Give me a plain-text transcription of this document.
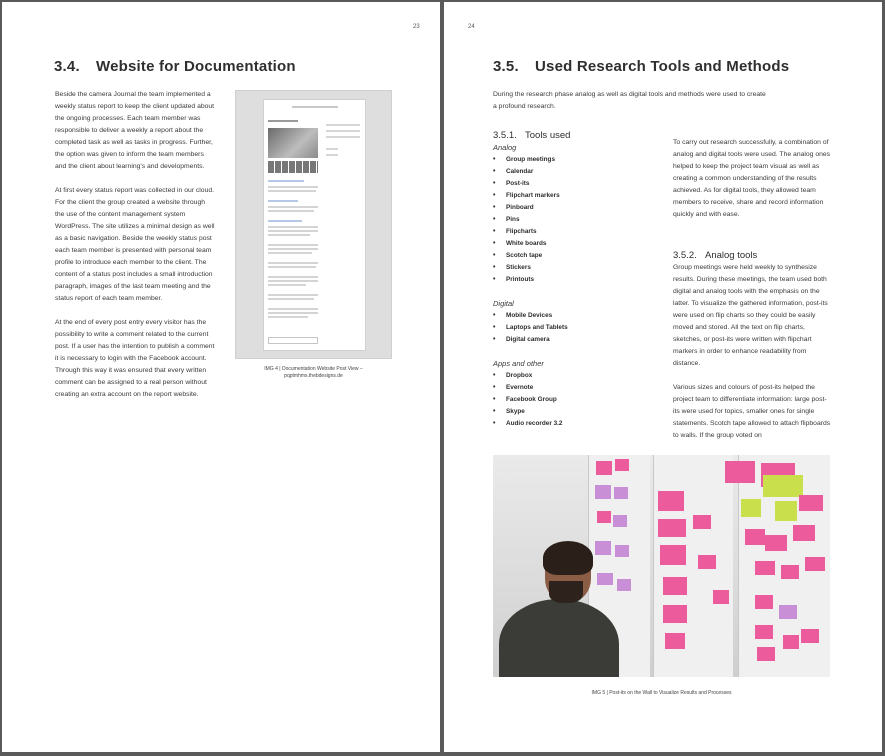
23
3.4. Website for Documentation

Beside the camera Journal the team implemented a weekly status report to keep the client updated about the ongoing processes. Each team member was responsible to deliver a weekly a report about the completed task as well as tasks in progress. Further, the option was given to inform the team members and the client about learning's and developments.

At first every status report was collected in our cloud. For the client the group created a website through the use of the content management system WordPress. The site utilizes a minimal design as well as a basic navigation. Beside the weekly status post each team member is presented with personal team profile to introduce each member to the client. The content of a status post includes a small introduction paragraph, images of the last team meeting and the status report of each team member.

At the end of every post entry every visitor has the possibility to write a comment related to the current post. If a user has the intention to publish a comment it is necessary to login with the Facebook account. Through this way it was ensured that every written comment can be assigned to a real person without creating an extra account on the report website.

IMG 4 | Documentation Website Post View –
pqptmhms.thebdesigns.de
24
3.5. Used Research Tools and Methods
During the research phase analog as well as digital tools and methods were used to create a profound research.
3.5.1. Tools used
Analog
• Group meetings
• Calendar
• Post-its
• Flipchart markers
• Pinboard
• Pins
• Flipcharts
• White boards
• Scotch tape
• Stickers
• Printouts
Digital
• Mobile Devices
• Laptops and Tablets
• Digital camera
Apps and other
• Dropbox
• Evernote
• Facebook Group
• Skype
• Audio recorder 3.2
To carry out research successfully, a combination of analog and digital tools were used. The analog ones helped to keep the project team visual as well as creating a common understanding of the results achieved. As for digital tools, they allowed team members to receive, share and record information quickly and with ease.
3.5.2. Analog tools

Group meetings were held weekly to synthesize results. During these meetings, the team used both digital and analog tools with the emphasis on the latter. To visualize the gathered information, post-its were used on flip charts so they could be easily moved and stored. All the text on flip charts, sketches, or post-its were written with flipchart markers in order to enhance readability from distance.

Various sizes and colours of post-its helped the project team to differentiate information: large post-its were used for topics, smaller ones for single statements. Scotch tape allowed to attach flipboards to walls. If the group voted on

IMG 5 | Post-its on the Wall to Visualize Results and Processes
